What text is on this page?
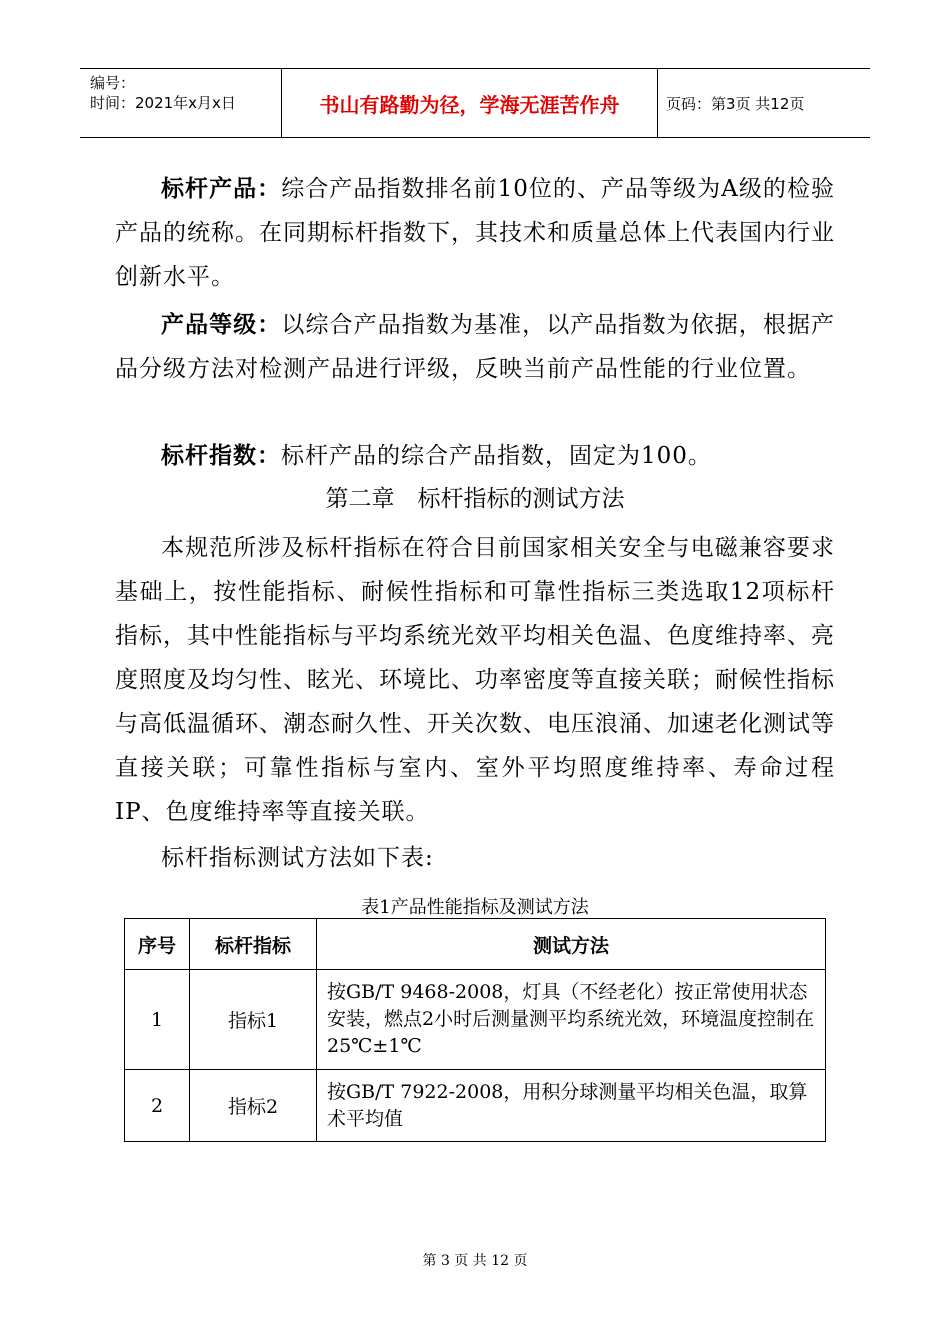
编号：
时间：2021年x月x日	书山有路勤为径，学海无涯苦作舟	页码：第3页 共12页
标杆产品：综合产品指数排名前10位的、产品等级为A级的检验产品的统称。在同期标杆指数下，其技术和质量总体上代表国内行业创新水平。
产品等级：以综合产品指数为基准，以产品指数为依据，根据产品分级方法对检测产品进行评级，反映当前产品性能的行业位置。
标杆指数：标杆产品的综合产品指数，固定为100。
第二章　标杆指标的测试方法
本规范所涉及标杆指标在符合目前国家相关安全与电磁兼容要求基础上，按性能指标、耐候性指标和可靠性指标三类选取12项标杆指标，其中性能指标与平均系统光效平均相关色温、色度维持率、亮度照度及均匀性、眩光、环境比、功率密度等直接关联；耐候性指标与高低温循环、潮态耐久性、开关次数、电压浪涌、加速老化测试等直接关联；可靠性指标与室内、室外平均照度维持率、寿命过程IP、色度维持率等直接关联。
标杆指标测试方法如下表:
表1产品性能指标及测试方法
序号	标杆指标	测试方法
1	指标1	按GB/T 9468-2008，灯具（不经老化）按正常使用状态安装，燃点2小时后测量测平均系统光效，环境温度控制在25℃±1℃
2	指标2	按GB/T 7922-2008，用积分球测量平均相关色温，取算术平均值
第 3 页 共 12 页
